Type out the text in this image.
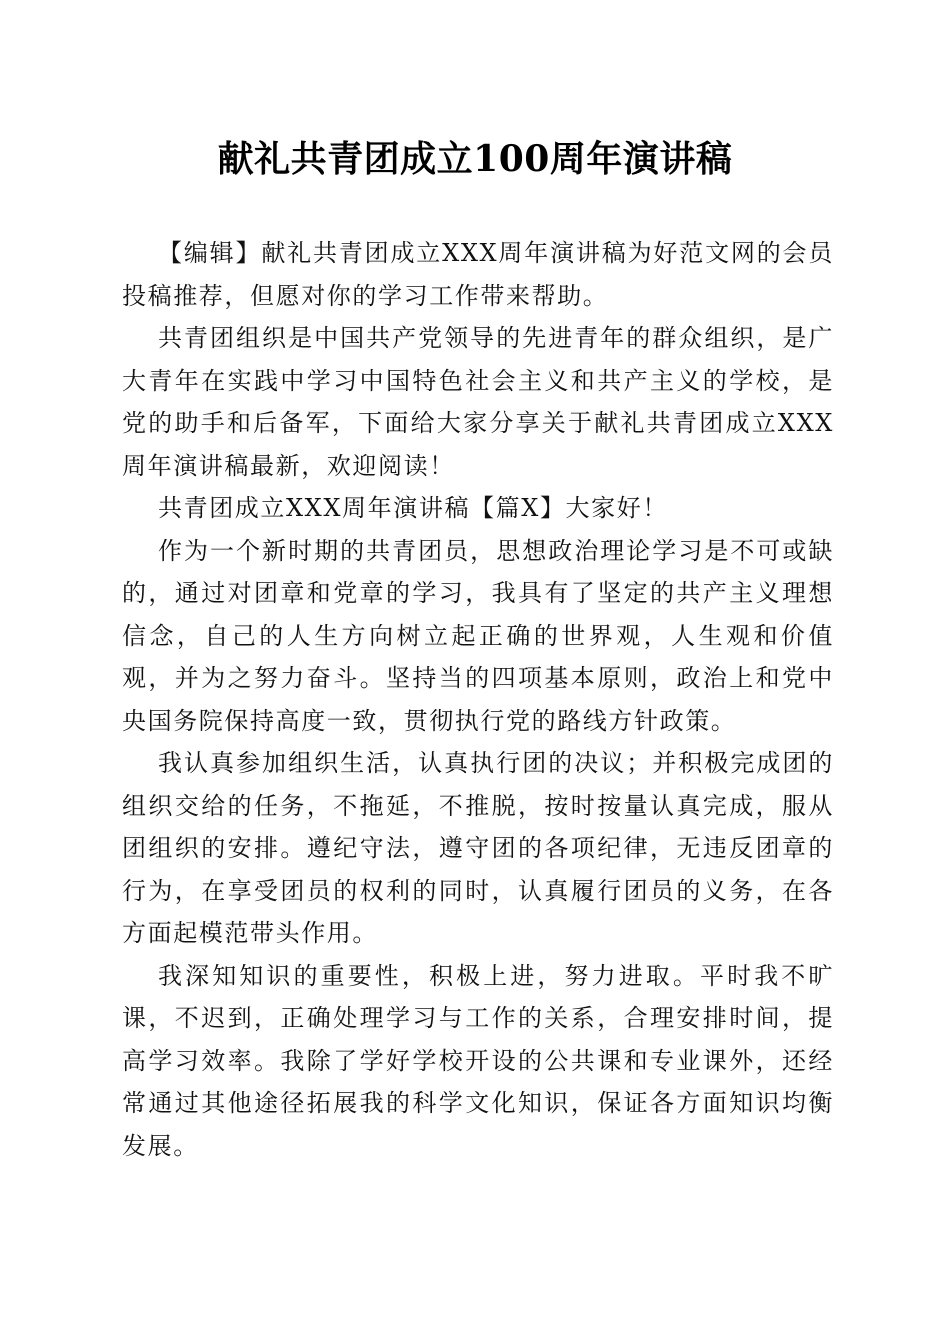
献礼共青团成立100周年演讲稿

【编辑】献礼共青团成立XXX周年演讲稿为好范文网的会员投稿推荐，但愿对你的学习工作带来帮助。

共青团组织是中国共产党领导的先进青年的群众组织，是广大青年在实践中学习中国特色社会主义和共产主义的学校，是党的助手和后备军，下面给大家分享关于献礼共青团成立XXX周年演讲稿最新，欢迎阅读！

共青团成立XXX周年演讲稿【篇X】大家好！

作为一个新时期的共青团员，思想政治理论学习是不可或缺的，通过对团章和党章的学习，我具有了坚定的共产主义理想信念，自己的人生方向树立起正确的世界观，人生观和价值观，并为之努力奋斗。坚持当的四项基本原则，政治上和党中央国务院保持高度一致，贯彻执行党的路线方针政策。

我认真参加组织生活，认真执行团的决议；并积极完成团的组织交给的任务，不拖延，不推脱，按时按量认真完成，服从团组织的安排。遵纪守法，遵守团的各项纪律，无违反团章的行为，在享受团员的权利的同时，认真履行团员的义务，在各方面起模范带头作用。

我深知知识的重要性，积极上进，努力进取。平时我不旷课，不迟到，正确处理学习与工作的关系，合理安排时间，提高学习效率。我除了学好学校开设的公共课和专业课外，还经常通过其他途径拓展我的科学文化知识，保证各方面知识均衡发展。
